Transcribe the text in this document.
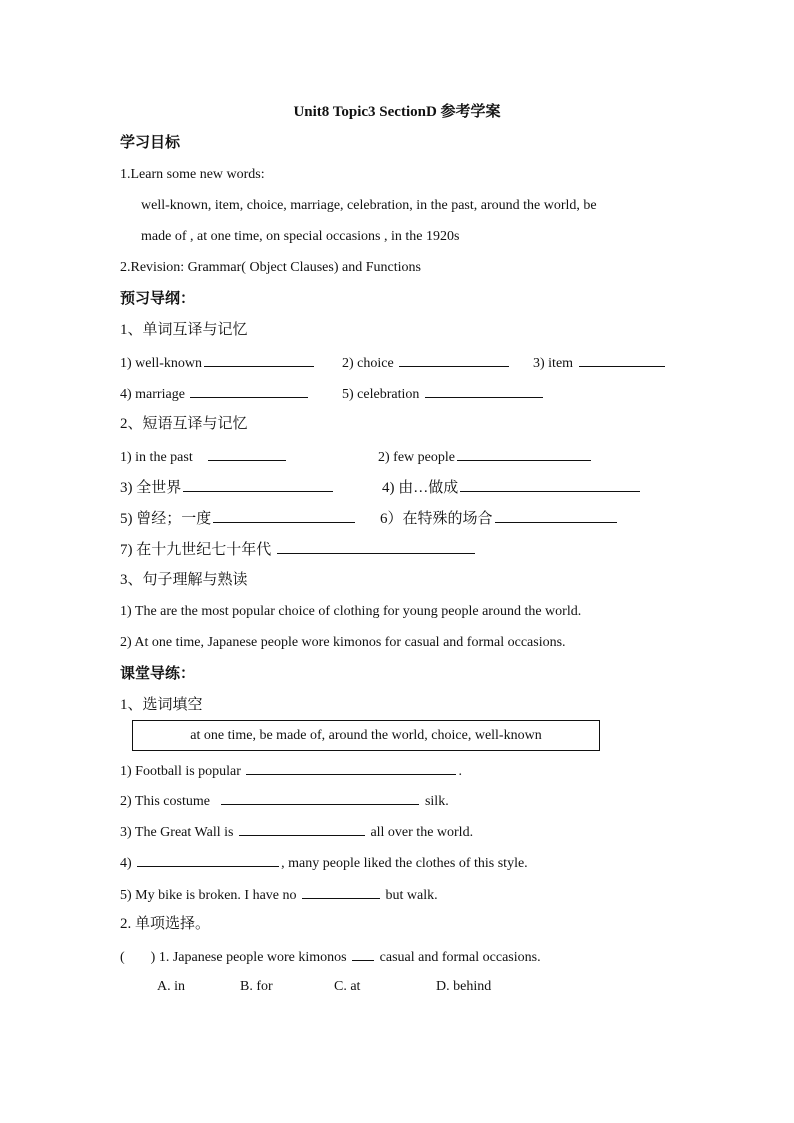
Unit8 Topic3 SectionD 参考学案
学习目标
1.Learn some new words:
well-known, item, choice, marriage, celebration, in the past, around the world, be
made of , at one time, on special occasions , in the 1920s
2.Revision: Grammar( Object Clauses) and Functions
预习导纲：
1、单词互译与记忆
1) well-known	2) choice	3) item
4) marriage	5) celebration
2、短语互译与记忆
1) in the past	2) few people
3) 全世界	4) 由…做成
5) 曾经；一度	6）在特殊的场合
7) 在十九世纪七十年代
3、句子理解与熟读
1) The are the most popular choice of clothing for young people around the world.
2) At one time, Japanese people wore kimonos for casual and formal occasions.
课堂导练：
1、选词填空
at one time, be made of, around the world, choice, well-known
1) Football is popular	.
2) This costume	silk.
3) The Great Wall is	all over the world.
4)	, many people liked the clothes of this style.
5) My bike is broken. I have no	but walk.
2. 单项选择。
( ) 1. Japanese people wore kimonos casual and formal occasions.
A. in	B. for	C. at	D. behind
